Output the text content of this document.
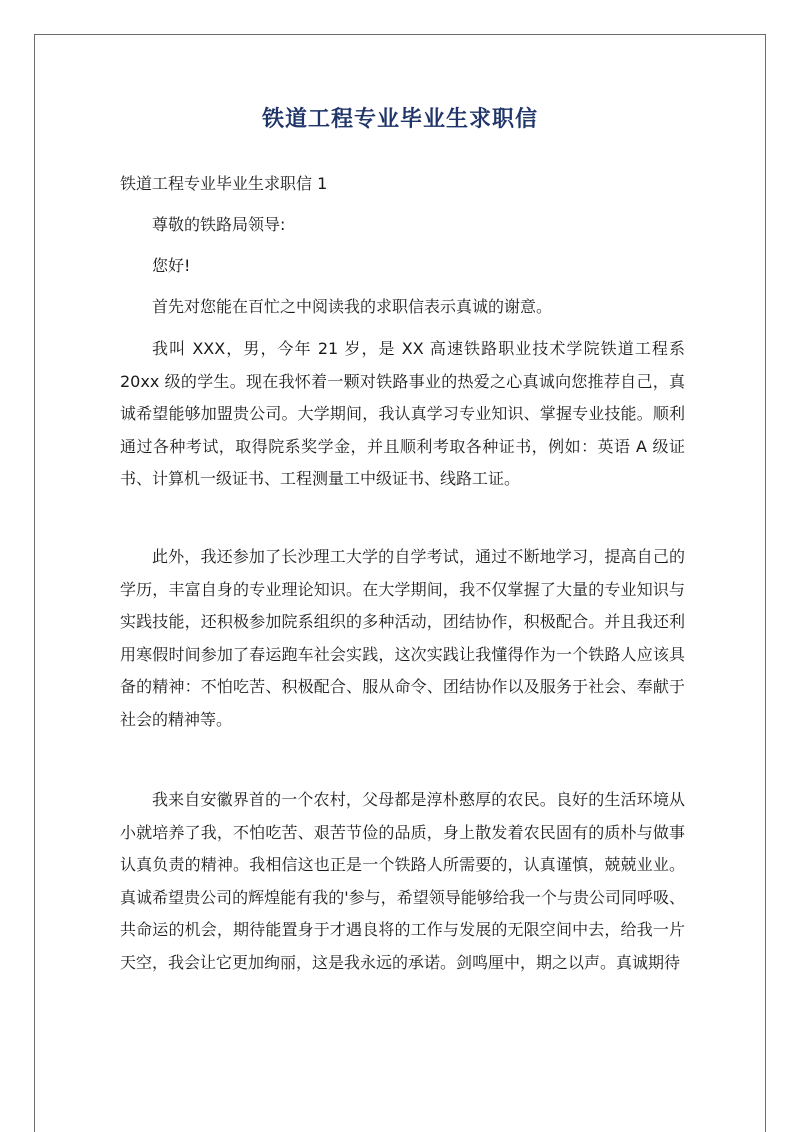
铁道工程专业毕业生求职信

铁道工程专业毕业生求职信 1

尊敬的铁路局领导:

您好!

首先对您能在百忙之中阅读我的求职信表示真诚的谢意。

我叫 XXX，男，今年 21 岁，是 XX 高速铁路职业技术学院铁道工程系 20xx 级的学生。现在我怀着一颗对铁路事业的热爱之心真诚向您推荐自己，真诚希望能够加盟贵公司。大学期间，我认真学习专业知识、掌握专业技能。顺利通过各种考试，取得院系奖学金，并且顺利考取各种证书，例如：英语 A 级证书、计算机一级证书、工程测量工中级证书、线路工证。

此外，我还参加了长沙理工大学的自学考试，通过不断地学习，提高自己的学历，丰富自身的专业理论知识。在大学期间，我不仅掌握了大量的专业知识与实践技能，还积极参加院系组织的多种活动，团结协作，积极配合。并且我还利用寒假时间参加了春运跑车社会实践，这次实践让我懂得作为一个铁路人应该具备的精神：不怕吃苦、积极配合、服从命令、团结协作以及服务于社会、奉献于社会的精神等。

我来自安徽界首的一个农村，父母都是淳朴憨厚的农民。良好的生活环境从小就培养了我，不怕吃苦、艰苦节俭的品质，身上散发着农民固有的质朴与做事认真负责的精神。我相信这也正是一个铁路人所需要的，认真谨慎，兢兢业业。真诚希望贵公司的辉煌能有我的'参与，希望领导能够给我一个与贵公司同呼吸、共命运的机会，期待能置身于才遇良将的工作与发展的无限空间中去，给我一片天空，我会让它更加绚丽，这是我永远的承诺。剑鸣厘中，期之以声。真诚期待
